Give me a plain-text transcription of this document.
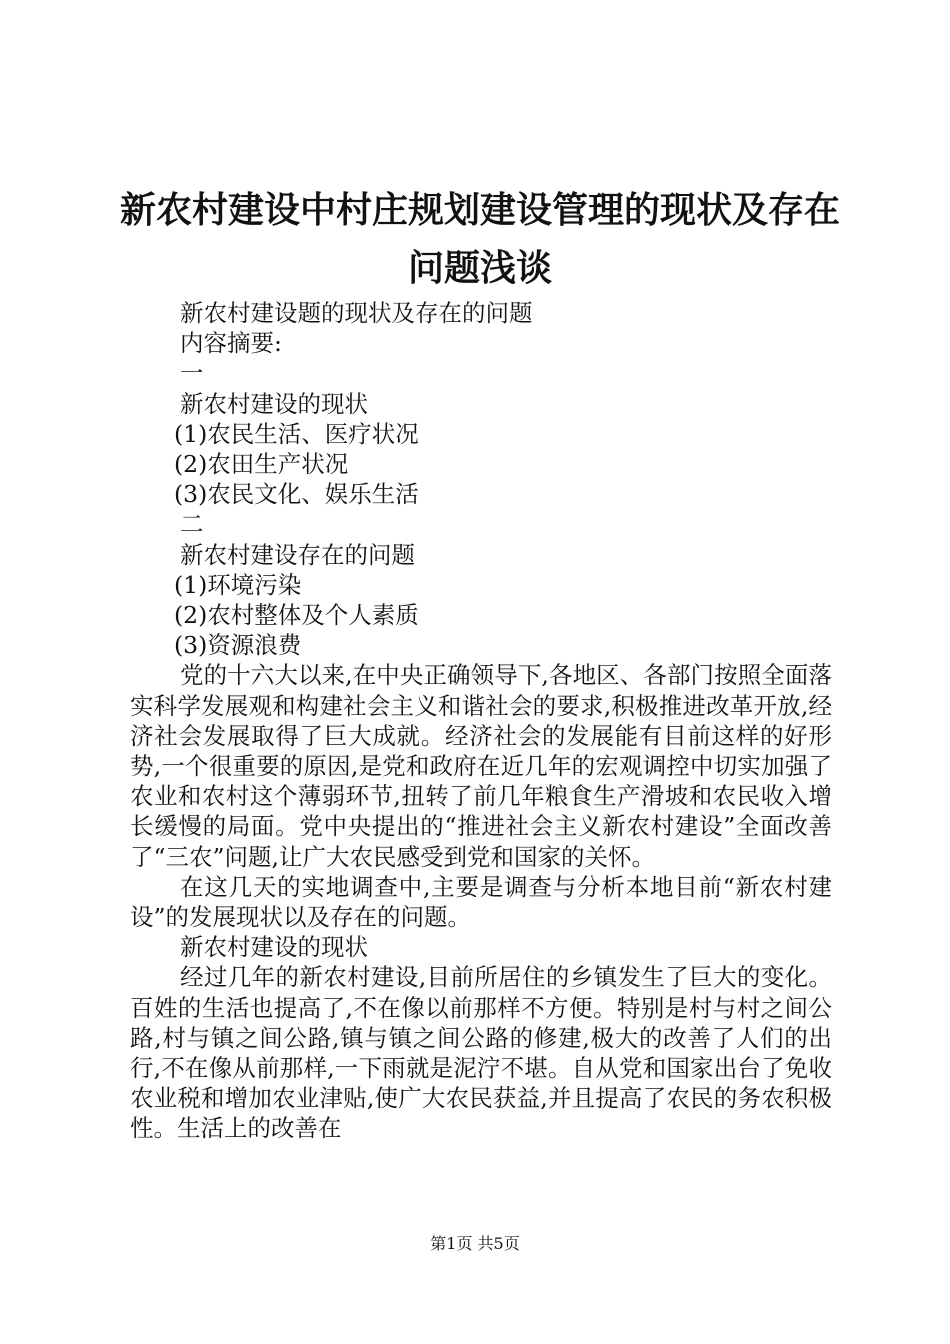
新农村建设中村庄规划建设管理的现状及存在
问题浅谈

新农村建设题的现状及存在的问题

内容摘要:

一

新农村建设的现状

(1)农民生活、医疗状况

(2)农田生产状况

(3)农民文化、娱乐生活

二

新农村建设存在的问题

(1)环境污染

(2)农村整体及个人素质

(3)资源浪费

党的十六大以来,在中央正确领导下,各地区、各部门按照全面落实科学发展观和构建社会主义和谐社会的要求,积极推进改革开放,经济社会发展取得了巨大成就。经济社会的发展能有目前这样的好形势,一个很重要的原因,是党和政府在近几年的宏观调控中切实加强了农业和农村这个薄弱环节,扭转了前几年粮食生产滑坡和农民收入增长缓慢的局面。党中央提出的“推进社会主义新农村建设”全面改善了“三农”问题,让广大农民感受到党和国家的关怀。

在这几天的实地调查中,主要是调查与分析本地目前“新农村建设”的发展现状以及存在的问题。

新农村建设的现状

经过几年的新农村建设,目前所居住的乡镇发生了巨大的变化。百姓的生活也提高了,不在像以前那样不方便。特别是村与村之间公路,村与镇之间公路,镇与镇之间公路的修建,极大的改善了人们的出行,不在像从前那样,一下雨就是泥泞不堪。自从党和国家出台了免收农业税和增加农业津贴,使广大农民获益,并且提高了农民的务农积极性。生活上的改善在

第1页 共5页
